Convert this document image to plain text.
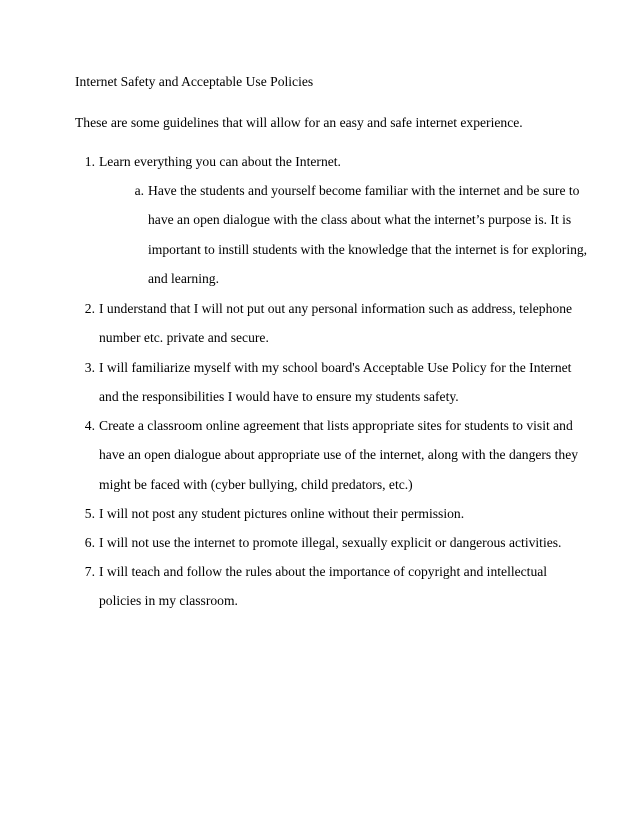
Internet Safety and Acceptable Use Policies
These are some guidelines that will allow for an easy and safe internet experience.
1. Learn everything you can about the Internet.
a. Have the students and yourself become familiar with the internet and be sure to
have an open dialogue with the class about what the internet’s purpose is. It is
important to instill students with the knowledge that the internet is for exploring,
and learning.
2. I understand that I will not put out any personal information such as address, telephone
number etc. private and secure.
3. I will familiarize myself with my school board's Acceptable Use Policy for the Internet
and the responsibilities I would have to ensure my students safety.
4. Create a classroom online agreement that lists appropriate sites for students to visit and
have an open dialogue about appropriate use of the internet, along with the dangers they
might be faced with (cyber bullying, child predators, etc.)
5. I will not post any student pictures online without their permission.
6. I will not use the internet to promote illegal, sexually explicit or dangerous activities.
7. I will teach and follow the rules about the importance of copyright and intellectual
policies in my classroom.
